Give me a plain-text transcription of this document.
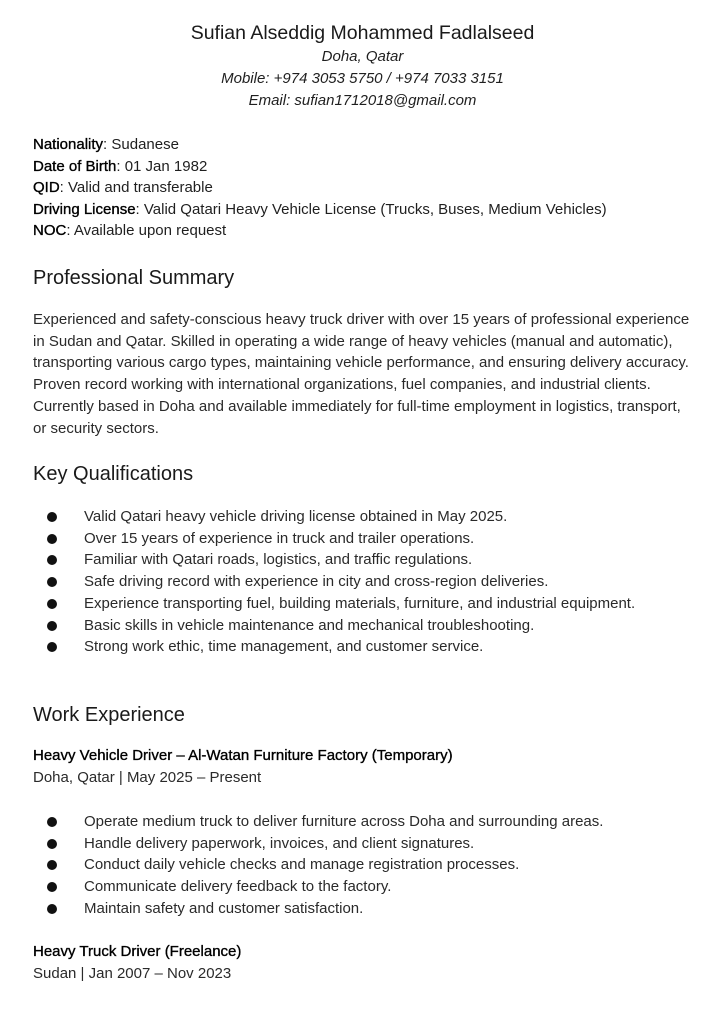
Sufian Alseddig Mohammed Fadlalseed
Doha, Qatar
Mobile: +974 3053 5750 / +974 7033 3151
Email: sufian1712018@gmail.com
Nationality: Sudanese
Date of Birth: 01 Jan 1982
QID: Valid and transferable
Driving License: Valid Qatari Heavy Vehicle License (Trucks, Buses, Medium Vehicles)
NOC: Available upon request
Professional Summary
Experienced and safety-conscious heavy truck driver with over 15 years of professional experience in Sudan and Qatar. Skilled in operating a wide range of heavy vehicles (manual and automatic), transporting various cargo types, maintaining vehicle performance, and ensuring delivery accuracy. Proven record working with international organizations, fuel companies, and industrial clients. Currently based in Doha and available immediately for full-time employment in logistics, transport, or security sectors.
Key Qualifications
Valid Qatari heavy vehicle driving license obtained in May 2025.
Over 15 years of experience in truck and trailer operations.
Familiar with Qatari roads, logistics, and traffic regulations.
Safe driving record with experience in city and cross-region deliveries.
Experience transporting fuel, building materials, furniture, and industrial equipment.
Basic skills in vehicle maintenance and mechanical troubleshooting.
Strong work ethic, time management, and customer service.
Work Experience
Heavy Vehicle Driver – Al-Watan Furniture Factory (Temporary)
Doha, Qatar | May 2025 – Present
Operate medium truck to deliver furniture across Doha and surrounding areas.
Handle delivery paperwork, invoices, and client signatures.
Conduct daily vehicle checks and manage registration processes.
Communicate delivery feedback to the factory.
Maintain safety and customer satisfaction.
Heavy Truck Driver (Freelance)
Sudan | Jan 2007 – Nov 2023
